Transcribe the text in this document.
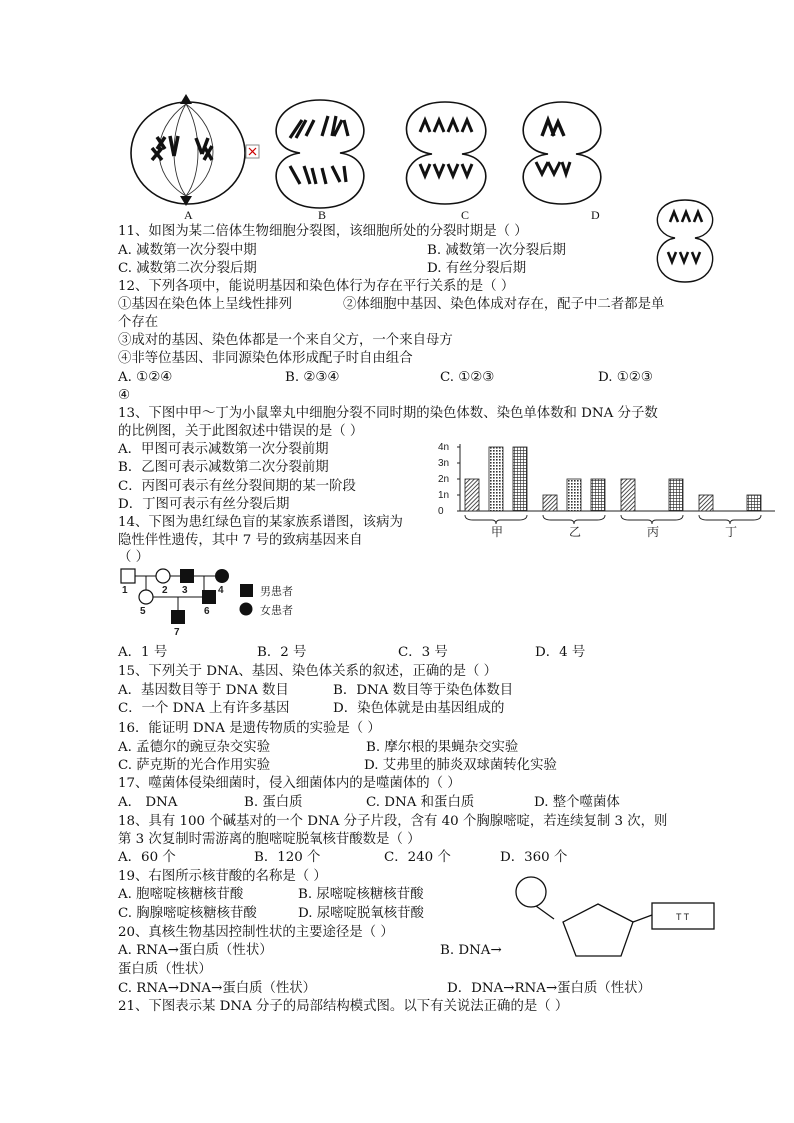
A	B	C	D
11、如图为某二倍体生物细胞分裂图，该细胞所处的分裂时期是（ ）
A. 减数第一次分裂中期	B. 减数第一次分裂后期
C. 减数第二次分裂后期	D. 有丝分裂后期
12、下列各项中，能说明基因和染色体行为存在平行关系的是（ ）
①基因在染色体上呈线性排列	②体细胞中基因、染色体成对存在，配子中二者都是单
个存在
③成对的基因、染色体都是一个来自父方，一个来自母方
④非等位基因、非同源染色体形成配子时自由组合
A. ①②④	B. ②③④	C. ①②③	D. ①②③
④
13、下图中甲～丁为小鼠睾丸中细胞分裂不同时期的染色体数、染色单体数和 DNA 分子数
的比例图，关于此图叙述中错误的是（ ）
A．甲图可表示减数第一次分裂前期
B．乙图可表示减数第二次分裂前期
C．丙图可表示有丝分裂间期的某一阶段
D．丁图可表示有丝分裂后期	0
1n
2n
3n
4n
甲	乙	丙	丁
14、下图为患红绿色盲的某家族系谱图，该病为
隐性伴性遗传，其中 7 号的致病基因来自
（ ）
1	2 3	4
5	6
7
男患者
女患者
A．1 号	B．2 号	C．3 号	D．4 号
15、下列关于 DNA、基因、染色体关系的叙述，正确的是（ ）
A．基因数目等于 DNA 数目	B．DNA 数目等于染色体数目
C．一个 DNA 上有许多基因	D．染色体就是由基因组成的
16．能证明 DNA 是遗传物质的实验是（ ）
A. 孟德尔的豌豆杂交实验	B. 摩尔根的果蝇杂交实验
C. 萨克斯的光合作用实验	D. 艾弗里的肺炎双球菌转化实验
17、噬菌体侵染细菌时，侵入细菌体内的是噬菌体的（ ）
A． DNA	B. 蛋白质	C. DNA 和蛋白质	D. 整个噬菌体
18、具有 100 个碱基对的一个 DNA 分子片段，含有 40 个胸腺嘧啶，若连续复制 3 次，则
第 3 次复制时需游离的胞嘧啶脱氧核苷酸数是（ ）
A．60 个	B．120 个	C．240 个	D．360 个
19、右图所示核苷酸的名称是（ ）
A. 胞嘧啶核糖核苷酸	B. 尿嘧啶核糖核苷酸
C. 胸腺嘧啶核糖核苷酸	D. 尿嘧啶脱氧核苷酸	T T
20、真核生物基因控制性状的主要途径是（ ）
A. RNA→蛋白质（性状）	B. DNA→
蛋白质（性状）
C. RNA→DNA→蛋白质（性状）	D．DNA→RNA→蛋白质（性状）
21、下图表示某 DNA 分子的局部结构模式图。以下有关说法正确的是（ ）
